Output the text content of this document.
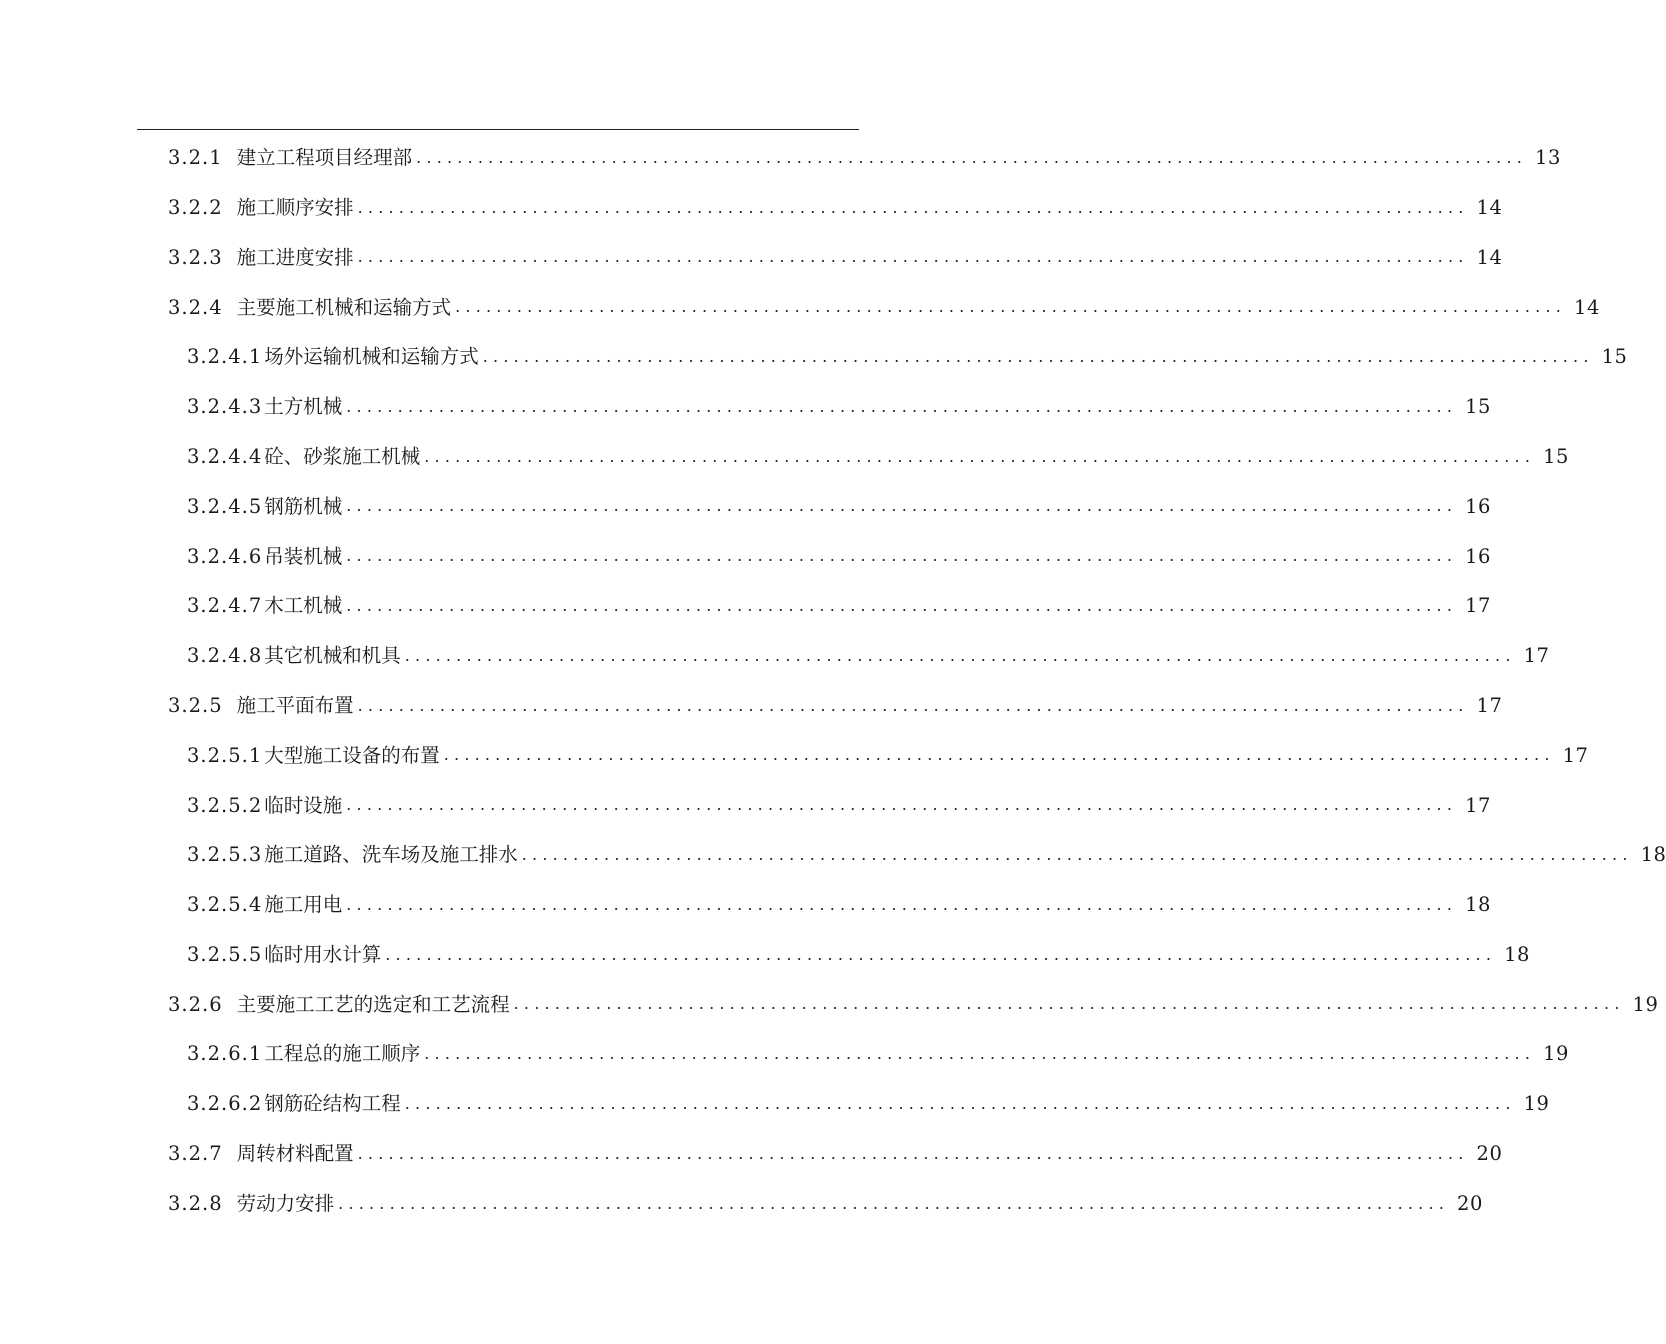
3.2.1 建立工程项目经理部 ............................................................................................................ 13
3.2.2 施工顺序安排 ............................................................................................................ 14
3.2.3 施工进度安排 ............................................................................................................ 14
3.2.4 主要施工机械和运输方式 ............................................................................................................ 14
3.2.4.1 场外运输机械和运输方式 ............................................................................................................ 15
3.2.4.3 土方机械 ............................................................................................................ 15
3.2.4.4 砼、砂浆施工机械 ............................................................................................................ 15
3.2.4.5 钢筋机械 ............................................................................................................ 16
3.2.4.6 吊装机械 ............................................................................................................ 16
3.2.4.7 木工机械 ............................................................................................................ 17
3.2.4.8 其它机械和机具 ............................................................................................................ 17
3.2.5 施工平面布置 ............................................................................................................ 17
3.2.5.1 大型施工设备的布置 ............................................................................................................ 17
3.2.5.2 临时设施 ............................................................................................................ 17
3.2.5.3 施工道路、洗车场及施工排水 ............................................................................................................ 18
3.2.5.4 施工用电 ............................................................................................................ 18
3.2.5.5 临时用水计算 ............................................................................................................ 18
3.2.6 主要施工工艺的选定和工艺流程 ............................................................................................................ 19
3.2.6.1 工程总的施工顺序 ............................................................................................................ 19
3.2.6.2 钢筋砼结构工程 ............................................................................................................ 19
3.2.7 周转材料配置 ............................................................................................................ 20
3.2.8 劳动力安排 ............................................................................................................ 20
